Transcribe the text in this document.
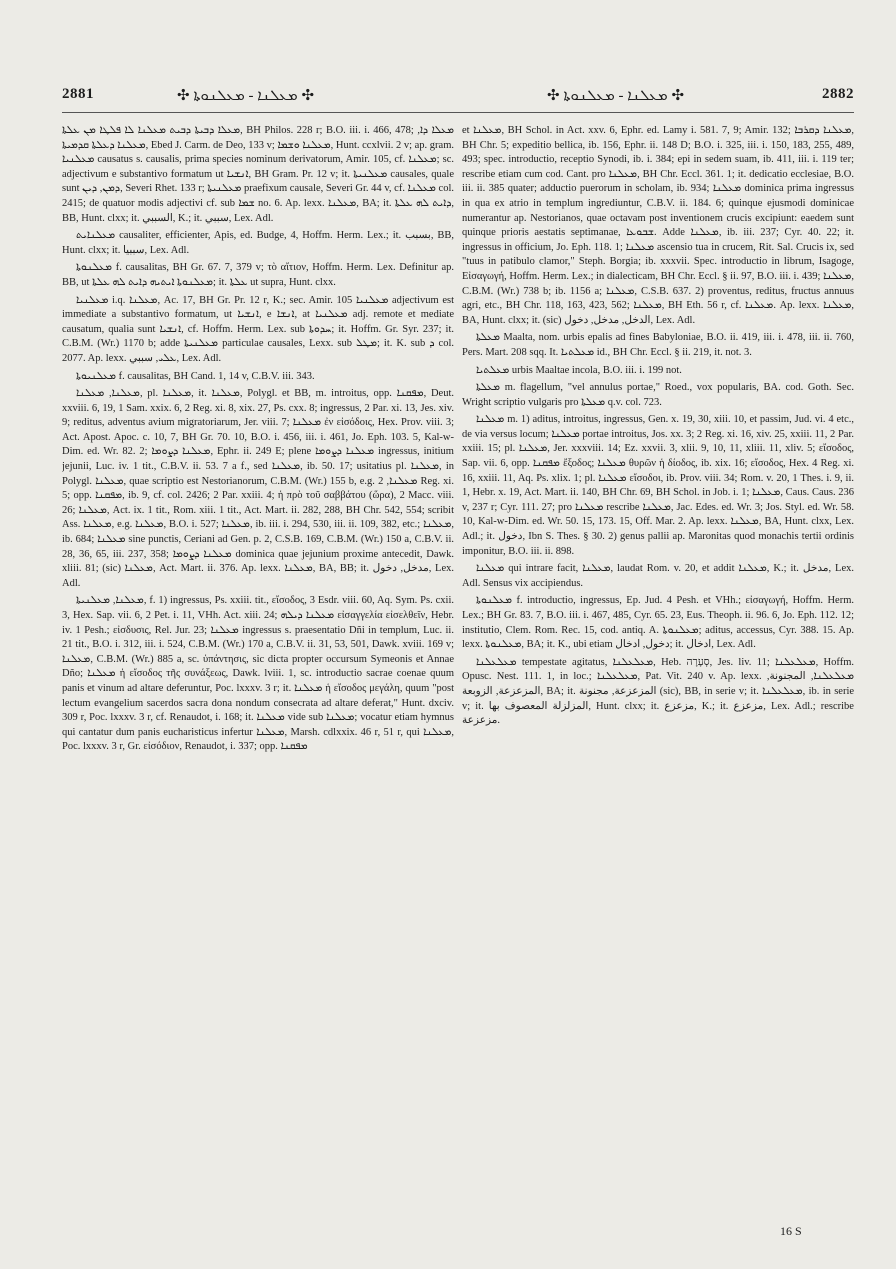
2881	✣ ܡܥܠܢܐ - ܡܥܠܢܘܬܐ ✣	✣ ܡܥܠܢܐ - ܡܥܠܢܘܬܐ ✣	2882

ܡܥܠܐ ܕܒܝܬܐ ܕܒܝܬ ܡܥܠܢܐ ܠܐ ܦܠܛܐ ܡܢ ܥܠܬܐ, BH Philos. 228 r; B.O. iii. i. 466, 478; ܡܥܠܐ ܕܐ, ܡܥܠܢܐ ܕܥܠܬܐ ܩܕܡܝܬܐ, Ebed J. Carm. de Deo, 133 v; ܡܥܠܢܐ ܘܫܡܐ, Hunt. ccxlvii. 2 v; ap. gram. ܡܥܠܢܝܐ causatus s. causalis, prima species nominum derivatorum, Amir. 105, cf. ܡܥܠܢܐ; sc. adjectivum e substantivo formatum ut ܐܢܫܝܐ, BH Gram. Pr. 12 v; it. ܡܥܠܢܝܬܐ causales, quale sunt ܕܡܢ, ܕܝܢ, Severi Rhet. 133 r; ܡܥܠܢܝܬܐ praefixum causale, Severi Gr. 44 v, cf. ܡܥܠܢܐ col. 2415; de quatuor modis adjectivi cf. sub ܫܡܐ no. 6. Ap. lexx. ܡܥܠܢܐ, BA; it. ܕܐܝܬ ܠܗ ܥܠܬܐ, BB, Hunt. clxx; it. السببي, K.; it. سببي, Lex. Adl.

ܡܥܠܢܐܝܬ causaliter, efficienter, Apis, ed. Budge, 4, Hoffm. Herm. Lex.; it. بسبب, BB, Hunt. clxx; it. سببيا, Lex. Adl.

ܡܥܠܢܘܬܐ f. causalitas, BH Gr. 67. 7, 379 v; τὸ αἴτιον, Hoffm. Herm. Lex. Definitur ap. BB, ut ܡܥܠܢܘܬܐ ܐܝܬܝܗ ܕܐܝܬ ܠܗ ܥܠܬܐ; it. ܥܠܬܐ ut supra, Hunt. clxx.

ܡܥܠܢܝܐ i.q. ܡܥܠܢܐ, Ac. 17, BH Gr. Pr. 12 r, K.; sec. Amir. 105 ܡܥܠܢܝܐ adjectivum est immediate a substantivo formatum, ut ܐܢܫܝܐ, e ܐܢܫܐ, at ܡܥܠܢܝܐ adj. remote et mediate causatum, qualia sunt ܐܢܫܝܐ, cf. Hoffm. Herm. Lex. sub ܚܕܘܬܐ; it. Hoffm. Gr. Syr. 237; it. C.B.M. (Wr.) 1170 b; adde ܡܥܠܢܝܬܐ particulae causales, Lexx. sub ܡܛܠ; it. K. sub ܕ col. 2077. Ap. lexx. ܥܠܝ, سببي, Lex. Adl.

ܡܥܠܢܝܘܬܐ f. causalitas, BH Cand. 1, 14 v, C.B.V. iii. 343.

ܡܥܠܢܐ, ܡܥܠܢܐ, pl. ܡܥܠܢܐ, it. ܡܥܠܢܐ, Polygl. et BB, m. introitus, opp. ܡܦܩܢܐ, Deut. xxviii. 6, 19, 1 Sam. xxix. 6, 2 Reg. xi. 8, xix. 27, Ps. cxx. 8; ingressus, 2 Par. xi. 13, Jes. xiv. 9; reditus, adventus avium migratoriarum, Jer. viii. 7; ܡܥܠܢܐ ἐν εἰσόδοις, Hex. Prov. viii. 3; Act. Apost. Apoc. c. 10, 7, BH Gr. 70. 10, B.O. i. 456, iii. i. 461, Jo. Eph. 103. 5, Kal-w-Dim. ed. Wr. 82. 2; ܡܥܠܢܐ ܕܨܘܡܐ, Ephr. ii. 249 E; plene ܡܥܠܢܐ ܕܨܘܡܐ ingressus, initium jejunii, Luc. iv. 1 tit., C.B.V. ii. 53. 7 a f., sed ܡܥܠܢܐ, ib. 50. 17; usitatius pl. ܡܥܠܢܐ, in Polygl. ܡܥܠܢܐ, quae scriptio est Nestorianorum, C.B.M. (Wr.) 155 b, e.g. ܡܥܠܢܐ, 2 Reg. xi. 5; opp. ܡܦܩܢܐ, ib. 9, cf. col. 2426; 2 Par. xxiii. 4; ἡ πρὸ τοῦ σαββάτου (ὥρα), 2 Macc. viii. 26; ܡܥܠܢܐ, Act. ix. 1 tit., Rom. xiii. 1 tit., Act. Mart. ii. 282, 288, BH Chr. 542, 554; scribit Ass. ܡܥܠܢܐ, e.g. ܡܥܠܢܐ, B.O. i. 527; ܡܥܠܢܐ, ib. iii. i. 294, 530, iii. ii. 109, 382, etc.; ܡܥܠܢܐ, ib. 684; ܡܥܠܢܐ sine punctis, Ceriani ad Gen. p. 2, C.S.B. 169, C.B.M. (Wr.) 150 a, C.B.V. ii. 28, 36, 65, iii. 237, 358; ܡܥܠܢܐ ܕܨܘܡܐ dominica quae jejunium proxime antecedit, Dawk. xliii. 81; (sic) ܡܥܠܢܐ, Act. Mart. ii. 376. Ap. lexx. ܡܥܠܢܐ, BA, BB; it. مدخل, دخول, Lex. Adl.

ܡܥܠܢܐ, ܡܥܠܢܝܬܐ, f. 1) ingressus, Ps. xxiii. tit., εἴσοδος, 3 Esdr. viii. 60, Aq. Sym. Ps. cxii. 3, Hex. Sap. vii. 6, 2 Pet. i. 11, VHh. Act. xiii. 24; ܡܥܠܢܐ ܕܝܠܗ εἰσαγγελία εἰσελθεῖν, Hebr. iv. 1 Pesh.; εἰσδυσις, Rel. Jur. 23; ܡܥܠܢܐ ingressus s. praesentatio Dñi in templum, Luc. ii. 21 tit., B.O. i. 312, iii. i. 524, C.B.M. (Wr.) 170 a, C.B.V. ii. 31, 53, 501, Dawk. xviii. 169 v; ܡܥܠܢܐ, C.B.M. (Wr.) 885 a, sc. ὑπάντησις, sic dicta propter occursum Symeonis et Annae Dño; ܡܥܠܢܐ ἡ εἴσοδος τῆς συνάξεως, Dawk. lviii. 1, sc. introductio sacrae coenae quum panis et vinum ad altare deferuntur, Poc. lxxxv. 3 r; it. ܡܥܠܢܐ ἡ εἴσοδος μεγάλη, quum "post lectum evangelium sacerdos sacra dona nondum consecrata ad altare deferat," Hunt. dxciv. 309 r, Poc. lxxxv. 3 r, cf. Renaudot, i. 168; it. ܡܥܠܢܐ vide sub ܡܥܠܢܐ; vocatur etiam hymnus qui cantatur dum panis eucharisticus infertur ܡܥܠܢܐ, Marsh. cdlxxix. 46 r, 51 r, qui ܡܥܠܢܐ, Poc. lxxxv. 3 r, Gr. εἰσόδιον, Renaudot, i. 337; opp. ܡܦܩܢܐ

et ܡܥܠܢܐ, BH Schol. in Act. xxv. 6, Ephr. ed. Lamy i. 581. 7, 9; Amir. 132; ܡܥܠܢܐ ܕܩܪܒܐ, BH Chr. 5; expeditio bellica, ib. 156, Ephr. ii. 148 D; B.O. i. 325, iii. i. 150, 183, 255, 489, 493; spec. introductio, receptio Synodi, ib. i. 384; epi in sedem suam, ib. 411, iii. i. 119 ter; rescribe etiam cum cod. Cant. pro ܡܥܠܢܐ, BH Chr. Eccl. 361. 1; it. dedicatio ecclesiae, B.O. iii. ii. 385 quater; adductio puerorum in scholam, ib. 934; ܡܥܠܢܐ dominica prima ingressus in qua ex atrio in templum ingrediuntur, C.B.V. ii. 184. 6; quinque ejusmodi dominicae numerantur ap. Nestorianos, quae octavam post inventionem crucis excipiunt: eaedem sunt quinque prioris aestatis septimanae, ܫܒܘܥܐ. Adde ܡܥܠܢܐ, ib. iii. 237; Cyr. 40. 22; it. ingressus in officium, Jo. Eph. 118. 1; ܡܥܠܢܐ ascensio tua in crucem, Rit. Sal. Crucis ix, sed "tuus in patibulo clamor," Steph. Borgia; ib. xxxvii. Spec. introductio in librum, Isagoge, Εἰσαγωγή, Hoffm. Herm. Lex.; in dialecticam, BH Chr. Eccl. § ii. 97, B.O. iii. i. 439; ܡܥܠܢܐ, C.B.M. (Wr.) 738 b; ib. 1156 a; ܡܥܠܢܐ, C.S.B. 637. 2) proventus, reditus, fructus annuus agri, etc., BH Chr. 118, 163, 423, 562; ܡܥܠܢܐ, BH Eth. 56 r, cf. ܡܥܠܢܐ. Ap. lexx. ܡܥܠܢܐ, BA, Hunt. clxx; it. (sic) الدخل, مدخل, دخول, Lex. Adl.

ܡܥܠܬܐ Maalta, nom. urbis epalis ad fines Babyloniae, B.O. ii. 419, iii. i. 478, iii. ii. 760, Pers. Mart. 208 sqq. It. ܡܥܠܬܝܐ id., BH Chr. Eccl. § ii. 219, it. not. 3.

ܡܥܠܬܝܐ urbis Maaltae incola, B.O. iii. i. 199 not.

ܡܥܠܬܐ m. flagellum, "vel annulus portae," Roed., vox popularis, BA. cod. Goth. Sec. Wright scriptio vulgaris pro ܡܥܠܬܐ q.v. col. 723.

ܡܥܠܢܐ m. 1) aditus, introitus, ingressus, Gen. x. 19, 30, xiii. 10, et passim, Jud. vi. 4 etc., de via versus locum; ܡܥܠܢܐ portae introitus, Jos. xx. 3; 2 Reg. xi. 16, xiv. 25, xxiii. 11, 2 Par. xxiii. 15; pl. ܡܥܠܢܐ, Jer. xxxviii. 14; Ez. xxvii. 3, xlii. 9, 10, 11, xliii. 11, xliv. 5; εἴσοδος, Sap. vii. 6, opp. ܡܦܩܢܐ ἔξοδος; ܡܥܠܢܐ θυρῶν ἡ δίοδος, ib. xix. 16; εἴσοδος, Hex. 4 Reg. xi. 16, xxiii. 11, Aq. Ps. xlix. 1; pl. ܡܥܠܢܐ εἴσοδοι, ib. Prov. viii. 34; Rom. v. 20, 1 Thes. i. 9, ii. 1, Hebr. x. 19, Act. Mart. ii. 140, BH Chr. 69, BH Schol. in Job. i. 1; ܡܥܠܢܐ, Caus. Caus. 236 v, 237 r; Cyr. 111. 27; pro ܡܥܠܢܐ rescribe ܡܥܠܢܐ, Jac. Edes. ed. Wr. 3; Jos. Styl. ed. Wr. 58. 10, Kal-w-Dim. ed. Wr. 50. 15, 173. 15, Off. Mar. 2. Ap. lexx. ܡܥܠܢܐ, BA, Hunt. clxx, Lex. Adl.; it. دخول, Ibn S. Thes. § 30. 2) genus pallii ap. Maronitas quod monachis tertii ordinis imponitur, B.O. iii. ii. 898.

ܡܥܠܢܐ qui intrare facit, ܡܥܠܢܐ, laudat Rom. v. 20, et addit ܡܥܠܢܐ, K.; it. مدخل, Lex. Adl. Sensus vix accipiendus.

ܡܥܠܢܘܬܐ f. introductio, ingressus, Ep. Jud. 4 Pesh. et VHh.; εἰσαγωγή, Hoffm. Herm. Lex.; BH Gr. 83. 7, B.O. iii. i. 467, 485, Cyr. 65. 23, Eus. Theoph. ii. 96. 6, Jo. Eph. 112. 12; institutio, Clem. Rom. Rec. 15, cod. antiq. A. ܡܥܠܢܘܬܐ; aditus, accessus, Cyr. 388. 15. Ap. lexx. ܡܥܠܢܘܬܐ, BA; it. K., ubi etiam دخول, ادخال; it. ادخال, Lex. Adl.

ܡܥܠܥܠܢܐ tempestate agitatus, ܡܥܠܥܠܢܐ, Heb. סְעָרָה, Jes. liv. 11; ܡܥܠܥܠܢܐ, Hoffm. Opusc. Nest. 111. 1, in loc.; ܡܥܠܥܠܢܐ, Pat. Vit. 240 v. Ap. lexx. ܡܥܠܥܠܢܐ, المجنونة, المزعزعة, الزوبعة, BA; it. المزعزعة, مجنونة (sic), BB, in serie v; it. ܡܥܠܥܠܢܐ, ib. in serie v; it. المزلزلة المعصوف بها, Hunt. clxx; it. مزعزع, K.; it. مزعزع, Lex. Adl.; rescribe مزعزعة.

16 S
